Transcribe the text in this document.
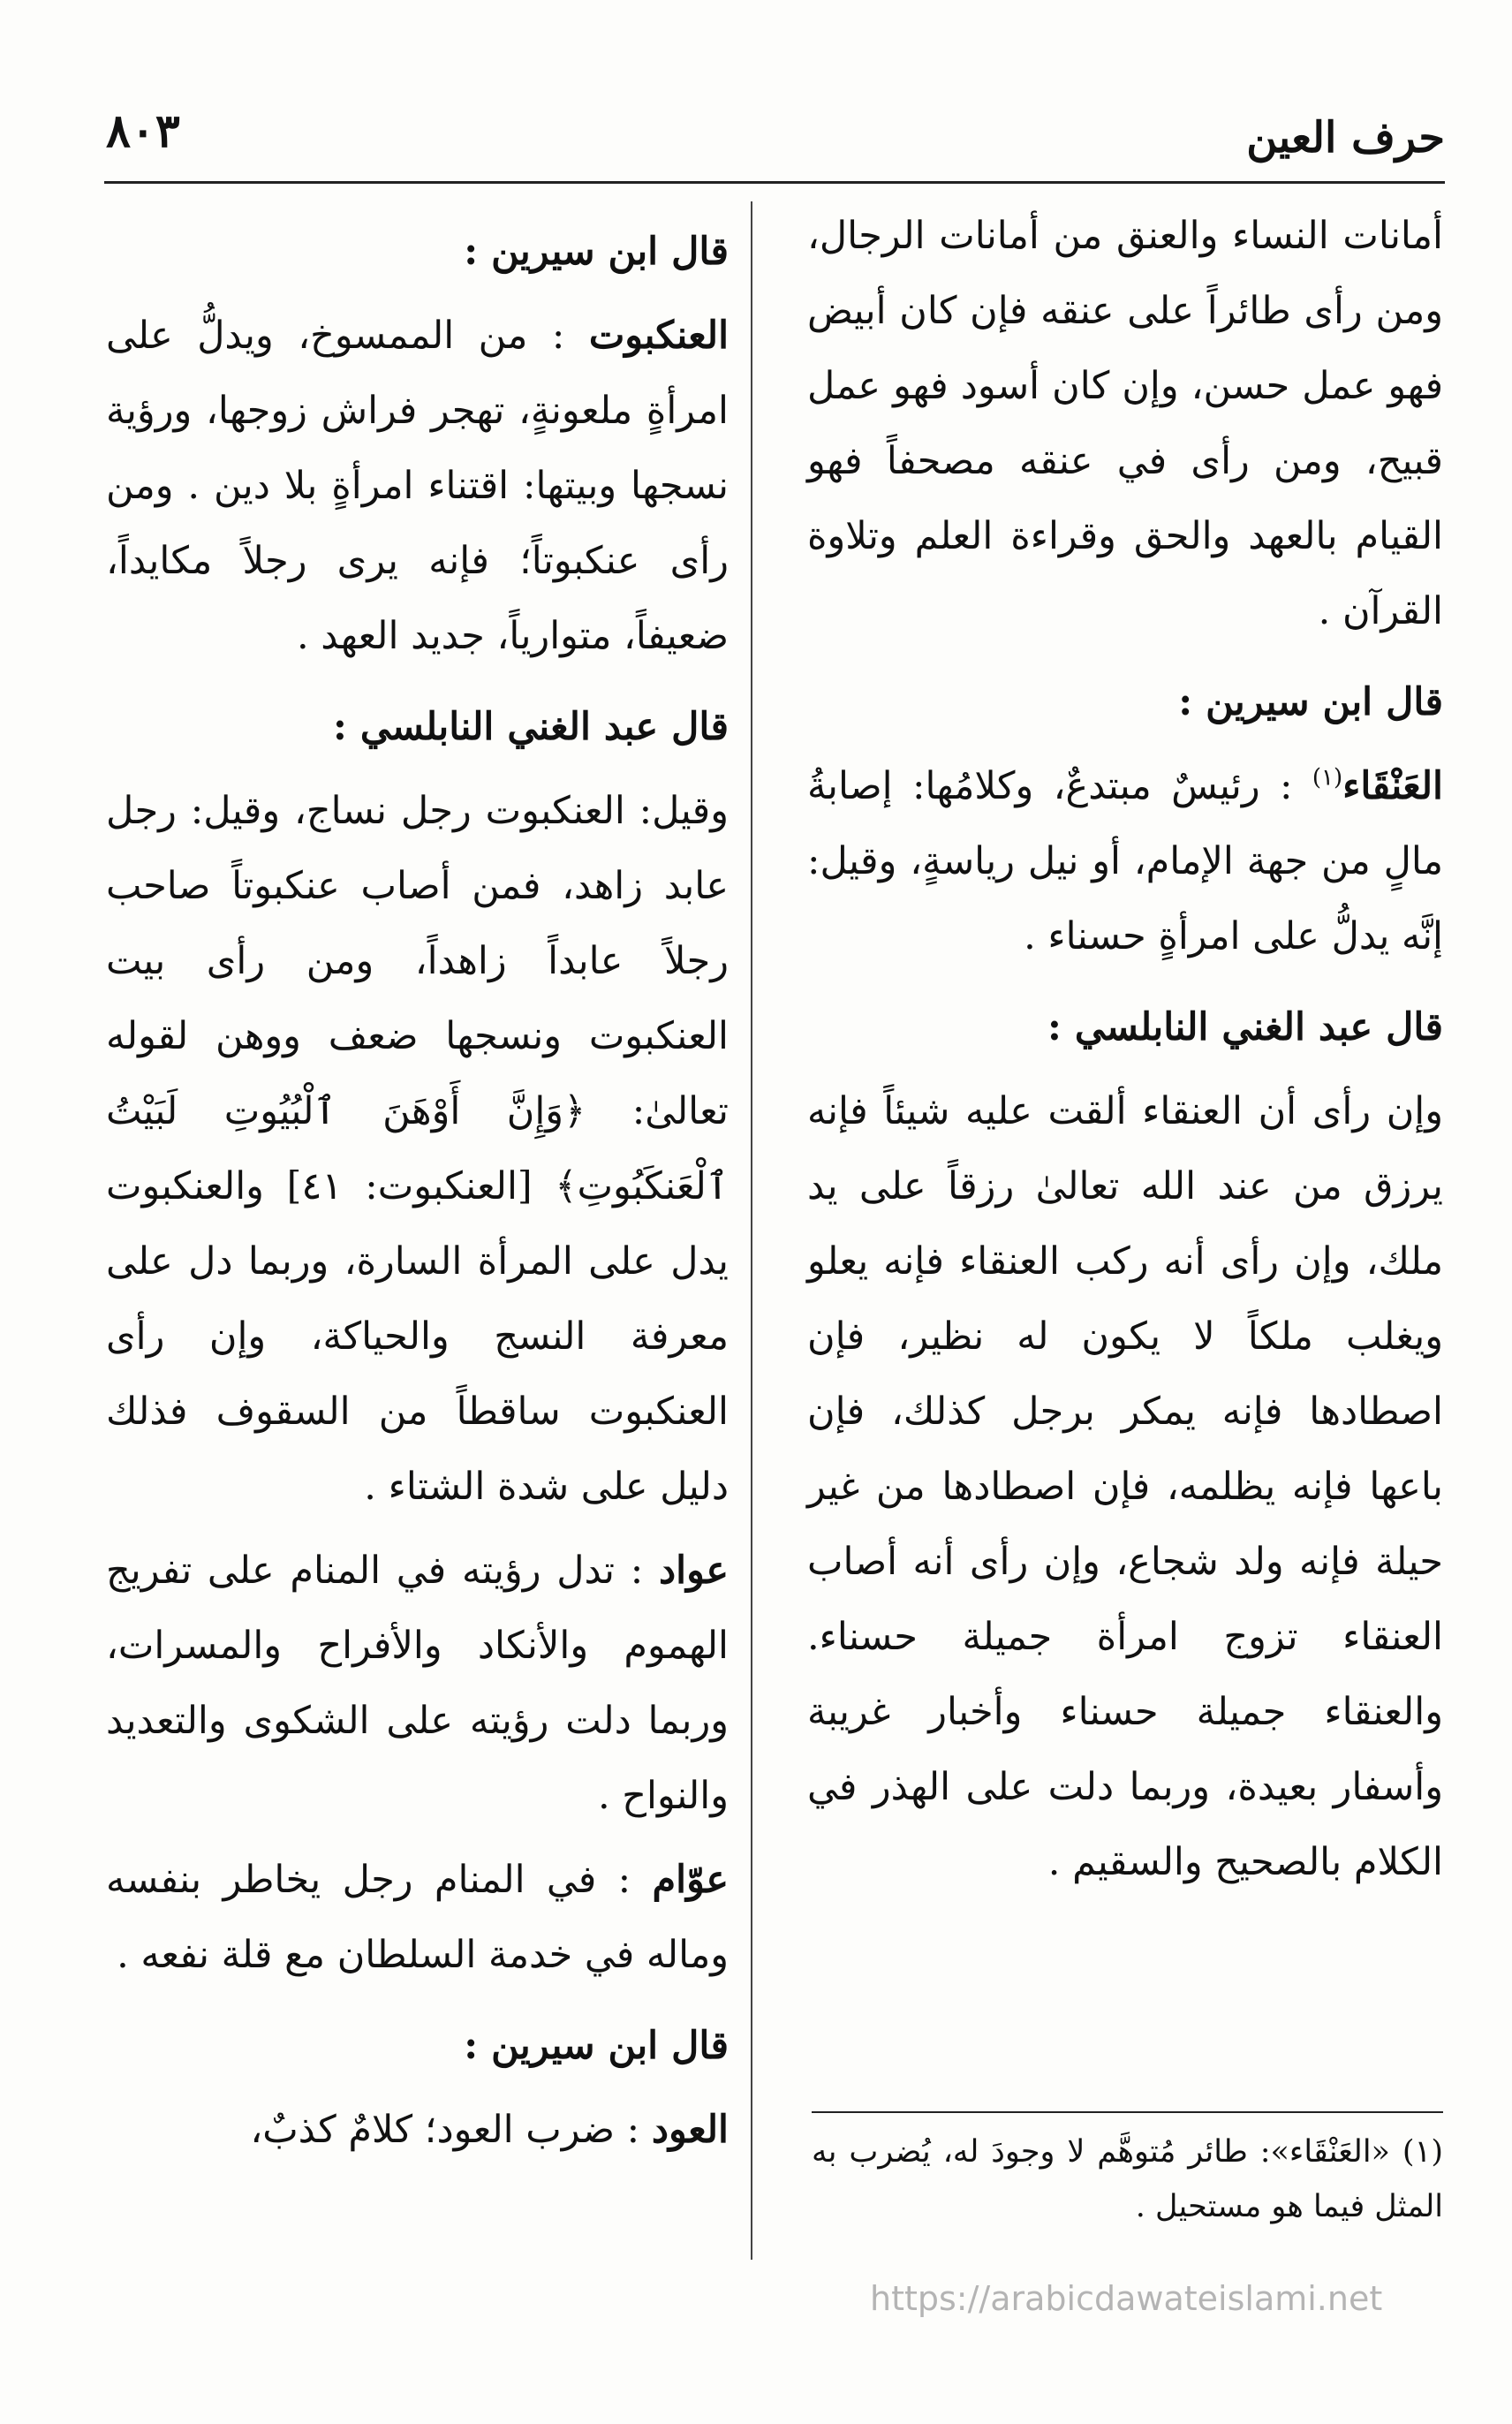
حرف العين
٨٠٣

أمانات النساء والعنق من أمانات الرجال، ومن رأى طائراً على عنقه فإن كان أبيض فهو عمل حسن، وإن كان أسود فهو عمل قبيح، ومن رأى في عنقه مصحفاً فهو القيام بالعهد والحق وقراءة العلم وتلاوة القرآن .

قال ابن سيرين :

العَنْقَاء$^{(١)}$ : رئيسٌ مبتدعٌ، وكلامُها: إصابةُ مالٍ من جهة الإمام، أو نيل رياسةٍ، وقيل: إنَّه يدلُّ على امرأةٍ حسناء .

قال عبد الغني النابلسي :

وإن رأى أن العنقاء ألقت عليه شيئاً فإنه يرزق من عند الله تعالىٰ رزقاً على يد ملك، وإن رأى أنه ركب العنقاء فإنه يعلو ويغلب ملكاً لا يكون له نظير، فإن اصطادها فإنه يمكر برجل كذلك، فإن باعها فإنه يظلمه، فإن اصطادها من غير حيلة فإنه ولد شجاع، وإن رأى أنه أصاب العنقاء تزوج امرأة جميلة حسناء. والعنقاء جميلة حسناء وأخبار غريبة وأسفار بعيدة، وربما دلت على الهذر في الكلام بالصحيح والسقيم .

قال ابن سيرين :

العنكبوت : من الممسوخ، ويدلُّ على امرأةٍ ملعونةٍ، تهجر فراش زوجها، ورؤية نسجها وبيتها: اقتناء امرأةٍ بلا دين . ومن رأى عنكبوتاً؛ فإنه يرى رجلاً مكايداً، ضعيفاً، متوارياً، جديد العهد .

قال عبد الغني النابلسي :

وقيل: العنكبوت رجل نساج، وقيل: رجل عابد زاهد، فمن أصاب عنكبوتاً صاحب رجلاً عابداً زاهداً، ومن رأى بيت العنكبوت ونسجها ضعف ووهن لقوله تعالىٰ: ﴿وَإِنَّ أَوْهَنَ ٱلْبُيُوتِ لَبَيْتُ ٱلْعَنكَبُوتِ﴾ [العنكبوت: ٤١] والعنكبوت يدل على المرأة السارة، وربما دل على معرفة النسج والحياكة، وإن رأى العنكبوت ساقطاً من السقوف فذلك دليل على شدة الشتاء .

عواد : تدل رؤيته في المنام على تفريج الهموم والأنكاد والأفراح والمسرات، وربما دلت رؤيته على الشكوى والتعديد والنواح .

عوّام : في المنام رجل يخاطر بنفسه وماله في خدمة السلطان مع قلة نفعه .

قال ابن سيرين :

العود : ضرب العود؛ كلامٌ كذبٌ،	(١) «العَنْقَاء»: طائر مُتوهَّم لا وجودَ له، يُضرب به المثل فيما هو مستحيل .

https://arabicdawateislami.net
